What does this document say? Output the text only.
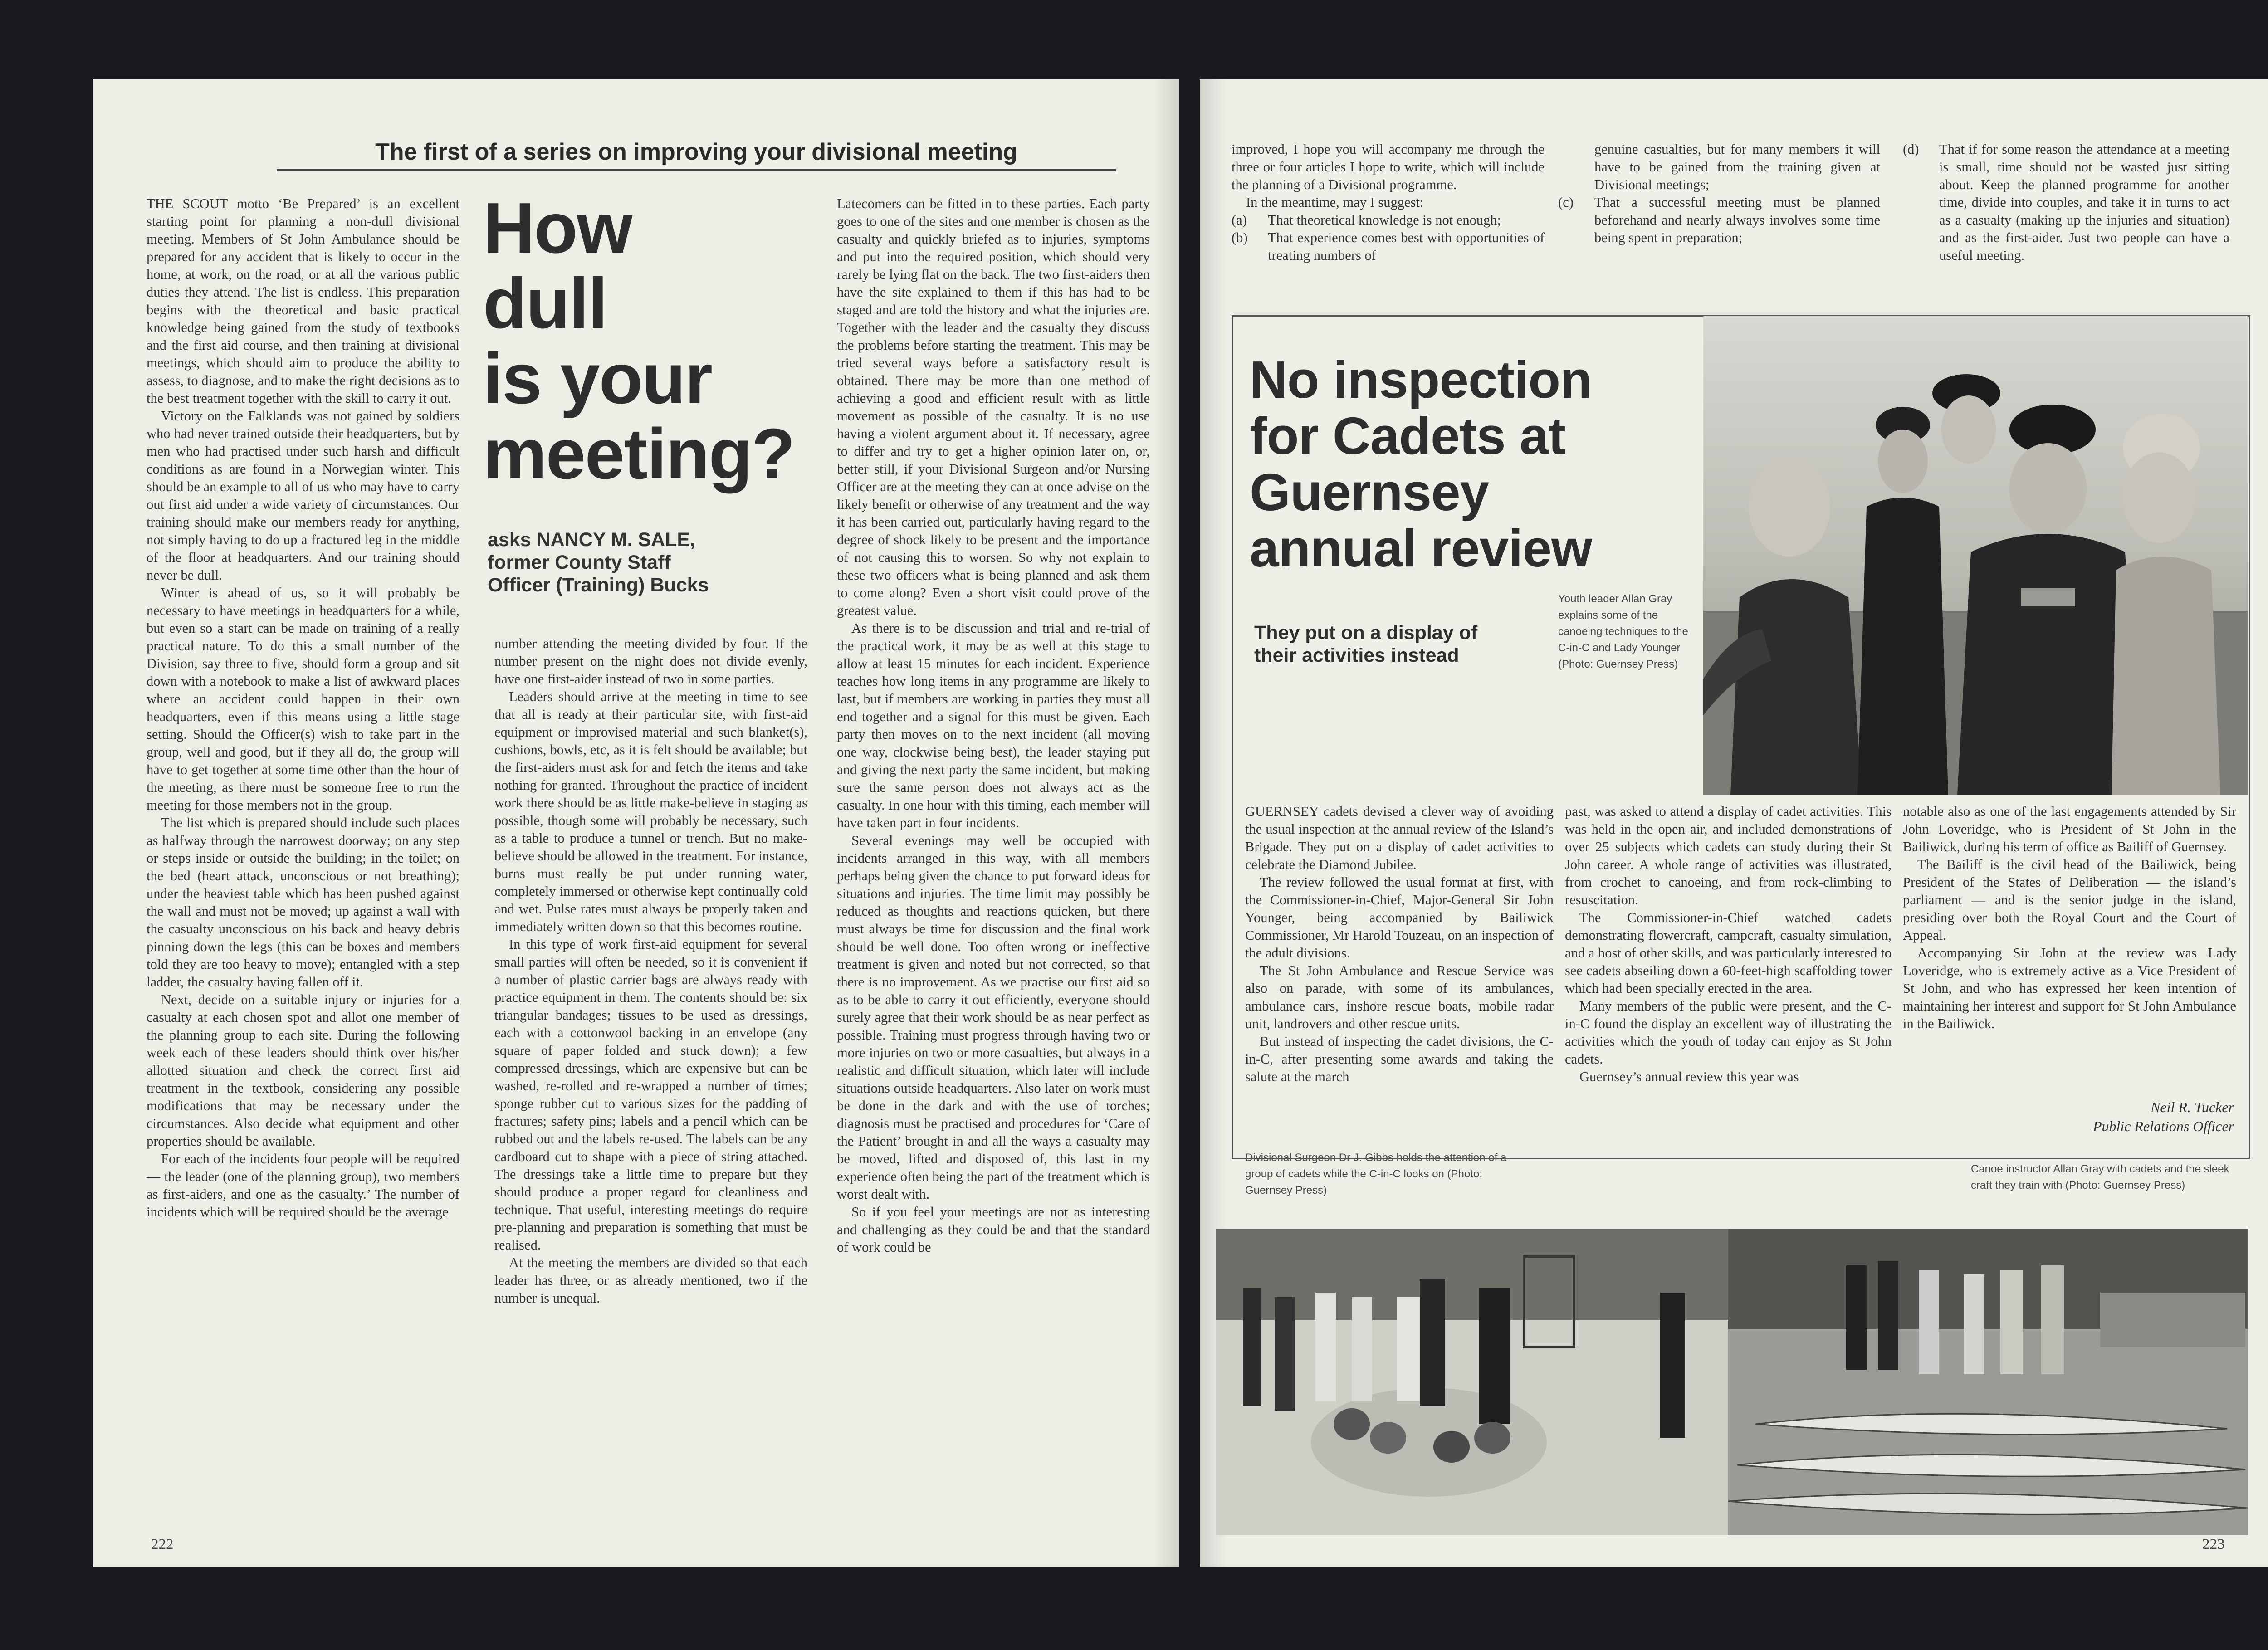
The first of a series on improving your divisional meeting

THE SCOUT motto ‘Be Prepared’ is an excellent starting point for planning a non-dull divisional meeting. Members of St John Ambulance should be prepared for any accident that is likely to occur in the home, at work, on the road, or at all the various public duties they attend. The list is endless. This preparation begins with the theoretical and basic practical knowledge being gained from the study of textbooks and the first aid course, and then training at divisional meetings, which should aim to produce the ability to assess, to diagnose, and to make the right decisions as to the best treatment together with the skill to carry it out.

Victory on the Falklands was not gained by soldiers who had never trained outside their headquarters, but by men who had practised under such harsh and difficult conditions as are found in a Norwegian winter. This should be an example to all of us who may have to carry out first aid under a wide variety of circumstances. Our training should make our members ready for anything, not simply having to do up a fractured leg in the middle of the floor at headquarters. And our training should never be dull.

Winter is ahead of us, so it will probably be necessary to have meetings in headquarters for a while, but even so a start can be made on training of a really practical nature. To do this a small number of the Division, say three to five, should form a group and sit down with a notebook to make a list of awkward places where an accident could happen in their own headquarters, even if this means using a little stage setting. Should the Officer(s) wish to take part in the group, well and good, but if they all do, the group will have to get together at some time other than the hour of the meeting, as there must be someone free to run the meeting for those members not in the group.

The list which is prepared should include such places as halfway through the narrowest doorway; on any step or steps inside or outside the building; in the toilet; on the bed (heart attack, unconscious or not breathing); under the heaviest table which has been pushed against the wall and must not be moved; up against a wall with the casualty unconscious on his back and heavy debris pinning down the legs (this can be boxes and members told they are too heavy to move); entangled with a step ladder, the casualty having fallen off it.

Next, decide on a suitable injury or injuries for a casualty at each chosen spot and allot one member of the planning group to each site. During the following week each of these leaders should think over his/her allotted situation and check the correct first aid treatment in the textbook, considering any possible modifications that may be necessary under the circumstances. Also decide what equipment and other properties should be available.

For each of the incidents four people will be required — the leader (one of the planning group), two members as first-aiders, and one as the casualty.’ The number of incidents which will be required should be the average

How
dull
is your
meeting?
asks NANCY M. SALE,
former County Staff
Officer (Training) Bucks

number attending the meeting divided by four. If the number present on the night does not divide evenly, have one first-aider instead of two in some parties.

Leaders should arrive at the meeting in time to see that all is ready at their particular site, with first-aid equipment or improvised material and such blanket(s), cushions, bowls, etc, as it is felt should be available; but the first-aiders must ask for and fetch the items and take nothing for granted. Throughout the practice of incident work there should be as little make-believe in staging as possible, though some will probably be necessary, such as a table to produce a tunnel or trench. But no make-believe should be allowed in the treatment. For instance, burns must really be put under running water, completely immersed or otherwise kept continually cold and wet. Pulse rates must always be properly taken and immediately written down so that this becomes routine.

In this type of work first-aid equipment for several small parties will often be needed, so it is convenient if a number of plastic carrier bags are always ready with practice equipment in them. The contents should be: six triangular bandages; tissues to be used as dressings, each with a cottonwool backing in an envelope (any square of paper folded and stuck down); a few compressed dressings, which are expensive but can be washed, re-rolled and re-wrapped a number of times; sponge rubber cut to various sizes for the padding of fractures; safety pins; labels and a pencil which can be rubbed out and the labels re-used. The labels can be any cardboard cut to shape with a piece of string attached. The dressings take a little time to prepare but they should produce a proper regard for cleanliness and technique. That useful, interesting meetings do require pre-planning and preparation is something that must be realised.

At the meeting the members are divided so that each leader has three, or as already mentioned, two if the number is unequal.

Latecomers can be fitted in to these parties. Each party goes to one of the sites and one member is chosen as the casualty and quickly briefed as to injuries, symptoms and put into the required position, which should very rarely be lying flat on the back. The two first-aiders then have the site explained to them if this has had to be staged and are told the history and what the injuries are. Together with the leader and the casualty they discuss the problems before starting the treatment. This may be tried several ways before a satisfactory result is obtained. There may be more than one method of achieving a good and efficient result with as little movement as possible of the casualty. It is no use having a violent argument about it. If necessary, agree to differ and try to get a higher opinion later on, or, better still, if your Divisional Surgeon and/or Nursing Officer are at the meeting they can at once advise on the likely benefit or otherwise of any treatment and the way it has been carried out, particularly having regard to the degree of shock likely to be present and the importance of not causing this to worsen. So why not explain to these two officers what is being planned and ask them to come along? Even a short visit could prove of the greatest value.

As there is to be discussion and trial and re-trial of the practical work, it may be as well at this stage to allow at least 15 minutes for each incident. Experience teaches how long items in any programme are likely to last, but if members are working in parties they must all end together and a signal for this must be given. Each party then moves on to the next incident (all moving one way, clockwise being best), the leader staying put and giving the next party the same incident, but making sure the same person does not always act as the casualty. In one hour with this timing, each member will have taken part in four incidents.

Several evenings may well be occupied with incidents arranged in this way, with all members perhaps being given the chance to put forward ideas for situations and injuries. The time limit may possibly be reduced as thoughts and reactions quicken, but there must always be time for discussion and the final work should be well done. Too often wrong or ineffective treatment is given and noted but not corrected, so that there is no improvement. As we practise our first aid so as to be able to carry it out efficiently, everyone should surely agree that their work should be as near perfect as possible. Training must progress through having two or more injuries on two or more casualties, but always in a realistic and difficult situation, which later will include situations outside headquarters. Also later on work must be done in the dark and with the use of torches; diagnosis must be practised and procedures for ‘Care of the Patient’ brought in and all the ways a casualty may be moved, lifted and disposed of, this last in my experience often being the part of the treatment which is worst dealt with.

So if you feel your meetings are not as interesting and challenging as they could be and that the standard of work could be

222

improved, I hope you will accompany me through the three or four articles I hope to write, which will include the planning of a Divisional programme.

In the meantime, may I suggest:

(a)	That theoretical knowledge is not enough;
(b)	That experience comes best with opportunities of treating numbers of
genuine casualties, but for many members it will have to be gained from the training given at Divisional meetings;
(c)	That a successful meeting must be planned beforehand and nearly always involves some time being spent in preparation;
(d)	That if for some reason the attendance at a meeting is small, time should not be wasted just sitting about. Keep the planned programme for another time, divide into couples, and take it in turns to act as a casualty (making up the injuries and situation) and as the first-aider. Just two people can have a useful meeting.
No inspection
for Cadets at
Guernsey
annual review
They put on a display of
their activities instead
Youth leader Allan Gray explains some of the canoeing techniques to the C-in-C and Lady Younger (Photo: Guernsey Press)

GUERNSEY cadets devised a clever way of avoiding the usual inspection at the annual review of the Island’s Brigade. They put on a display of cadet activities to celebrate the Diamond Jubilee.

The review followed the usual format at first, with the Commissioner-in-Chief, Major-General Sir John Younger, being accompanied by Bailiwick Commissioner, Mr Harold Touzeau, on an inspection of the adult divisions.

The St John Ambulance and Rescue Service was also on parade, with some of its ambulances, ambulance cars, inshore rescue boats, mobile radar unit, landrovers and other rescue units.

But instead of inspecting the cadet divisions, the C-in-C, after presenting some awards and taking the salute at the march

past, was asked to attend a display of cadet activities. This was held in the open air, and included demonstrations of over 25 subjects which cadets can study during their St John career. A whole range of activities was illustrated, from crochet to canoeing, and from rock-climbing to resuscitation.

The Commissioner-in-Chief watched cadets demonstrating flowercraft, campcraft, casualty simulation, and a host of other skills, and was particularly interested to see cadets abseiling down a 60-feet-high scaffolding tower which had been specially erected in the area.

Many members of the public were present, and the C-in-C found the display an excellent way of illustrating the activities which the youth of today can enjoy as St John cadets.

Guernsey’s annual review this year was

notable also as one of the last engagements attended by Sir John Loveridge, who is President of St John in the Bailiwick, during his term of office as Bailiff of Guernsey.

The Bailiff is the civil head of the Bailiwick, being President of the States of Deliberation — the island’s parliament — and is the senior judge in the island, presiding over both the Royal Court and the Court of Appeal.

Accompanying Sir John at the review was Lady Loveridge, who is extremely active as a Vice President of St John, and who has expressed her keen intention of maintaining her interest and support for St John Ambulance in the Bailiwick.

Neil R. Tucker
Public Relations Officer
Divisional Surgeon Dr J. Gibbs holds the attention of a group of cadets while the C-in-C looks on (Photo: Guernsey Press)
Canoe instructor Allan Gray with cadets and the sleek craft they train with (Photo: Guernsey Press)
223
